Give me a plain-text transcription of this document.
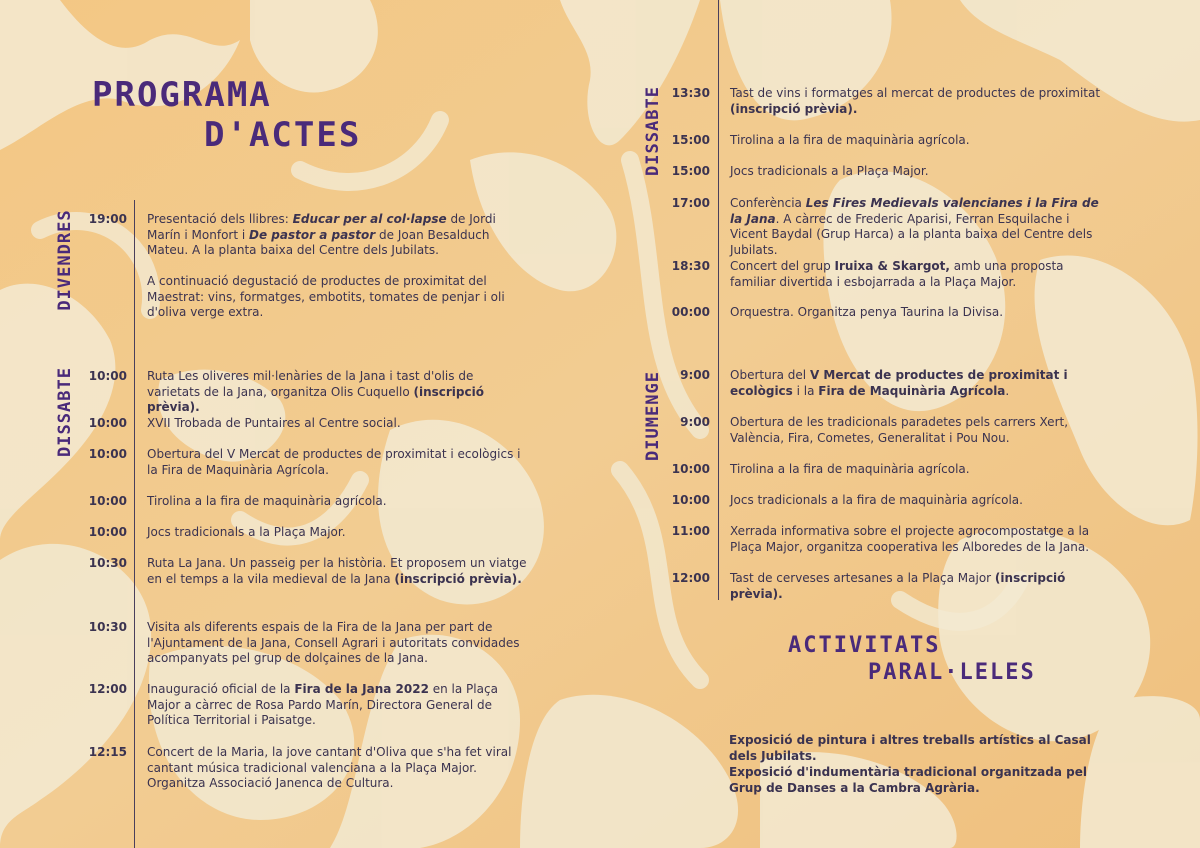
PROGRAMA
D'ACTES
DIVENDRES
DISSABTE
DISSABTE
DIUMENGE
19:00 Presentació dels llibres: Educar per al col·lapse de Jordi Marín i Monfort i De pastor a pastor de Joan Besalduch Mateu. A la planta baixa del Centre dels Jubilats.
A continuació degustació de productes de proximitat del Maestrat: vins, formatges, embotits, tomates de penjar i oli d'oliva verge extra.
10:00 Ruta Les oliveres mil·lenàries de la Jana i tast d'olis de varietats de la Jana, organitza Olis Cuquello (inscripció prèvia).
10:00 XVII Trobada de Puntaires al Centre social.
10:00 Obertura del V Mercat de productes de proximitat i ecològics i la Fira de Maquinària Agrícola.
10:00 Tirolina a la fira de maquinària agrícola.
10:00 Jocs tradicionals a la Plaça Major.
10:30 Ruta La Jana. Un passeig per la història. Et proposem un viatge en el temps a la vila medieval de la Jana (inscripció prèvia).
10:30 Visita als diferents espais de la Fira de la Jana per part de l'Ajuntament de la Jana, Consell Agrari i autoritats convidades acompanyats pel grup de dolçaines de la Jana.
12:00 Inauguració oficial de la Fira de la Jana 2022 en la Plaça Major a càrrec de Rosa Pardo Marín, Directora General de Política Territorial i Paisatge.
12:15 Concert de la Maria, la jove cantant d'Oliva que s'ha fet viral cantant música tradicional valenciana a la Plaça Major. Organitza Associació Janenca de Cultura.
13:30 Tast de vins i formatges al mercat de productes de proximitat (inscripció prèvia).
15:00 Tirolina a la fira de maquinària agrícola.
15:00 Jocs tradicionals a la Plaça Major.
17:00 Conferència Les Fires Medievals valencianes i la Fira de la Jana. A càrrec de Frederic Aparisi, Ferran Esquilache i Vicent Baydal (Grup Harca) a la planta baixa del Centre dels Jubilats.
18:30 Concert del grup Iruixa & Skargot, amb una proposta familiar divertida i esbojarrada a la Plaça Major.
00:00 Orquestra. Organitza penya Taurina la Divisa.
9:00 Obertura del V Mercat de productes de proximitat i ecològics i la Fira de Maquinària Agrícola.
9:00 Obertura de les tradicionals paradetes pels carrers Xert, València, Fira, Cometes, Generalitat i Pou Nou.
10:00 Tirolina a la fira de maquinària agrícola.
10:00 Jocs tradicionals a la fira de maquinària agrícola.
11:00 Xerrada informativa sobre el projecte agrocompostatge a la Plaça Major, organitza cooperativa les Alboredes de la Jana.
12:00 Tast de cerveses artesanes a la Plaça Major (inscripció prèvia).
ACTIVITATS
PARAL·LELES
Exposició de pintura i altres treballs artístics al Casal dels Jubilats.
Exposició d'indumentària tradicional organitzada pel Grup de Danses a la Cambra Agrària.
